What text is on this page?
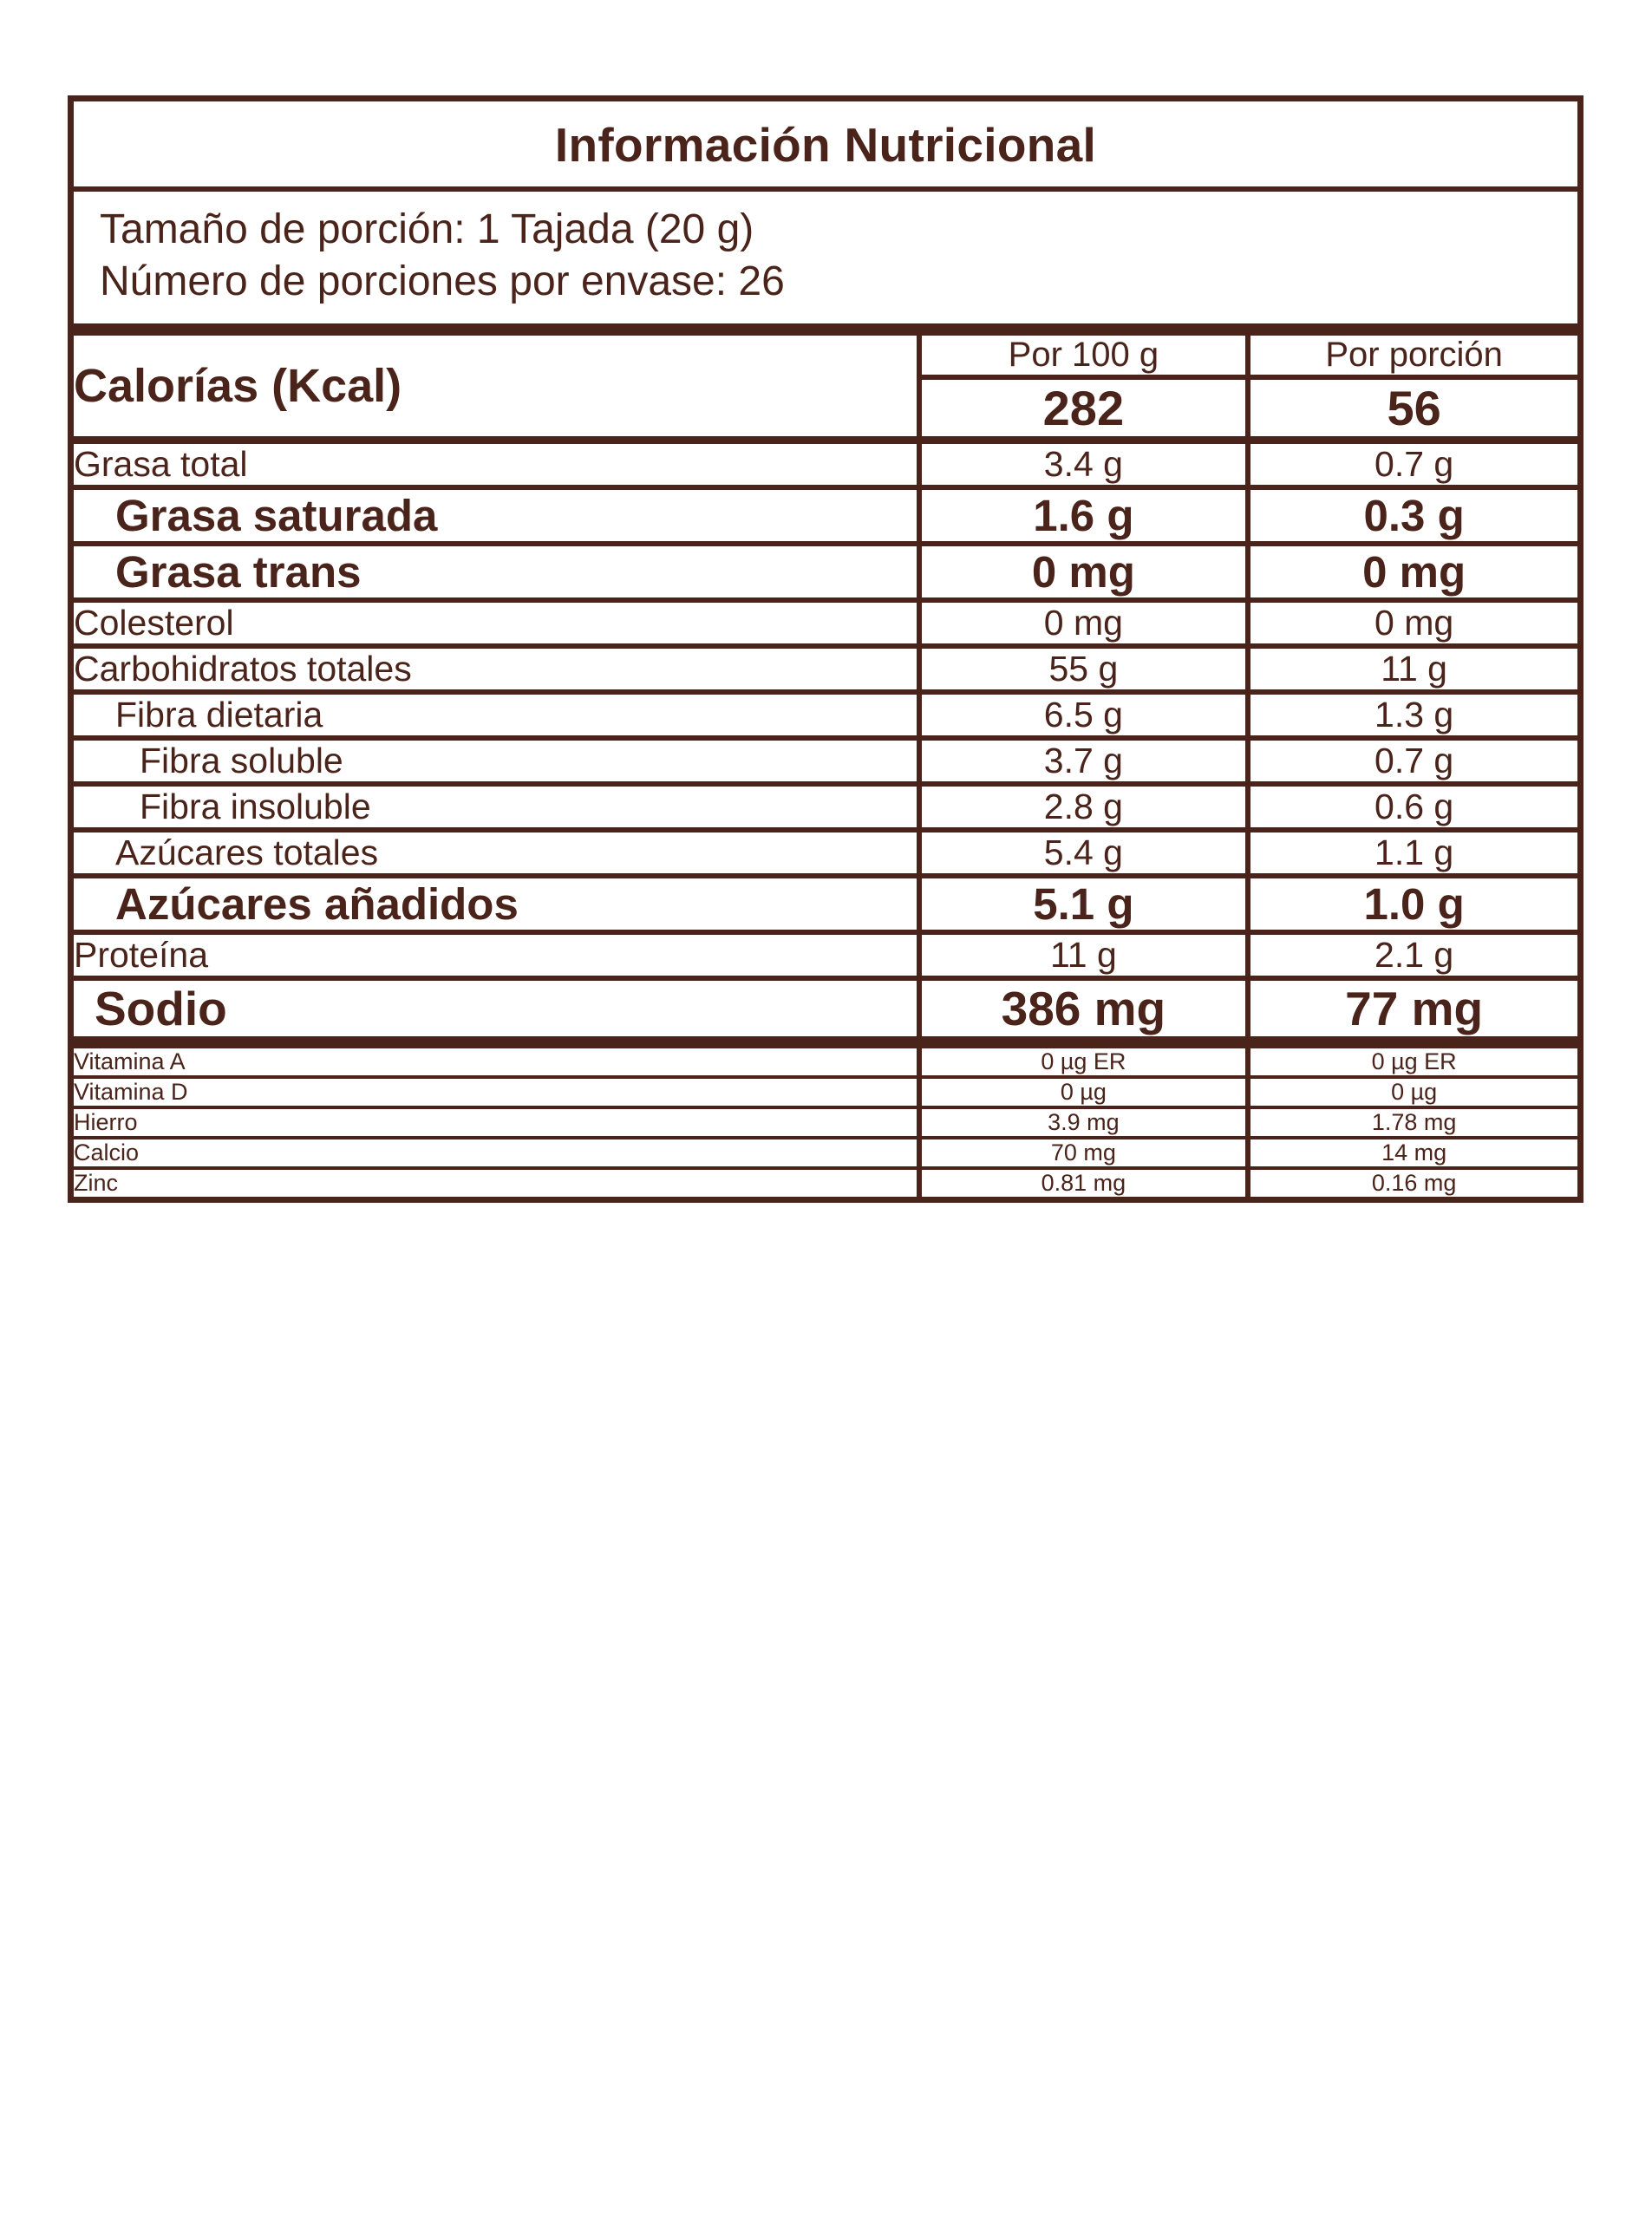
Información Nutricional
Tamaño de porción: 1 Tajada (20 g)
Número de porciones por envase: 26
Calorías (Kcal)	Por 100 g	Por porción
	282	56
Grasa total	3.4 g	0.7 g
Grasa saturada	1.6 g	0.3 g
Grasa trans	0 mg	0 mg
Colesterol	0 mg	0 mg
Carbohidratos totales	55 g	11 g
Fibra dietaria	6.5 g	1.3 g
Fibra soluble	3.7 g	0.7 g
Fibra insoluble	2.8 g	0.6 g
Azúcares totales	5.4 g	1.1 g
Azúcares añadidos	5.1 g	1.0 g
Proteína	11 g	2.1 g
Sodio	386 mg	77 mg
Vitamina A	0 µg ER	0 µg ER
Vitamina D	0 µg	0 µg
Hierro	3.9 mg	1.78 mg
Calcio	70 mg	14 mg
Zinc	0.81 mg	0.16 mg
